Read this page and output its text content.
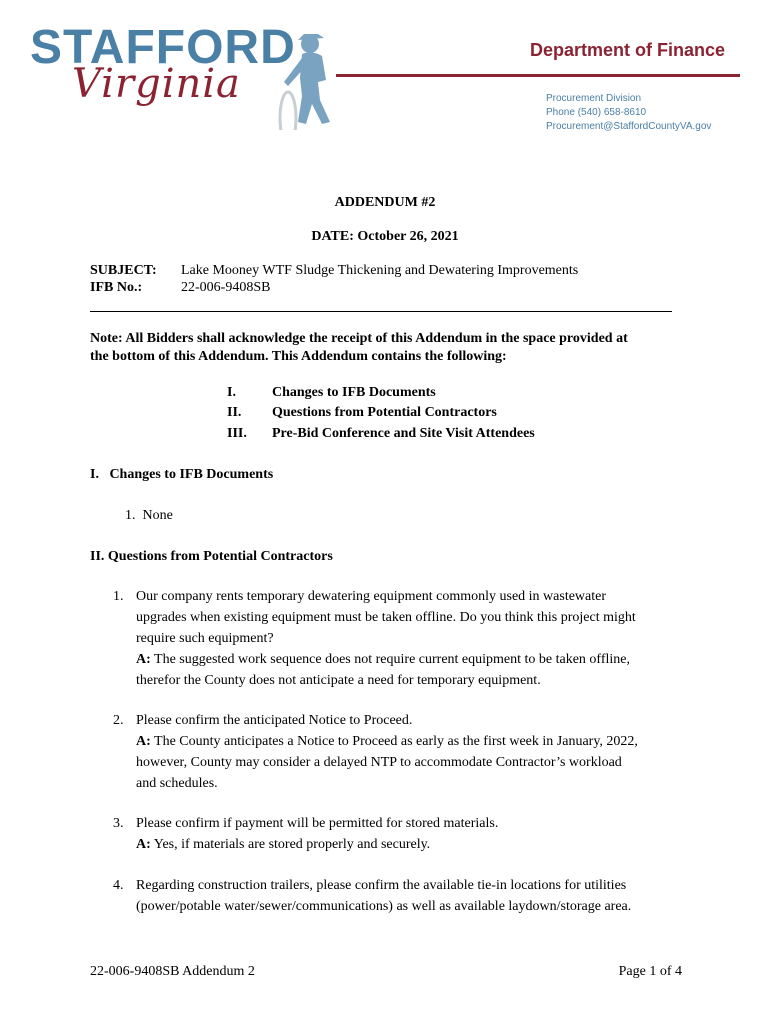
STAFFORD
Virginia
Department of Finance
Procurement Division
Phone (540) 658-8610
Procurement@StaffordCountyVA.gov
ADDENDUM #2
DATE: October 26, 2021
SUBJECT: Lake Mooney WTF Sludge Thickening and Dewatering Improvements
IFB No.:	22-006-9408SB
Note: All Bidders shall acknowledge the receipt of this Addendum in the space provided at
the bottom of this Addendum. This Addendum contains the following:
I.	Changes to IFB Documents
II. Questions from Potential Contractors
III. Pre-Bid Conference and Site Visit Attendees
I.   Changes to IFB Documents
1.  None
II. Questions from Potential Contractors
1. Our company rents temporary dewatering equipment commonly used in wastewater
upgrades when existing equipment must be taken offline. Do you think this project might
require such equipment?
A: The suggested work sequence does not require current equipment to be taken offline,
therefor the County does not anticipate a need for temporary equipment.
2. Please confirm the anticipated Notice to Proceed.
A: The County anticipates a Notice to Proceed as early as the first week in January, 2022,
however, County may consider a delayed NTP to accommodate Contractor’s workload
and schedules.
3. Please confirm if payment will be permitted for stored materials.
A: Yes, if materials are stored properly and securely.
4. Regarding construction trailers, please confirm the available tie-in locations for utilities
(power/potable water/sewer/communications) as well as available laydown/storage area.
22-006-9408SB Addendum 2	Page 1 of 4
